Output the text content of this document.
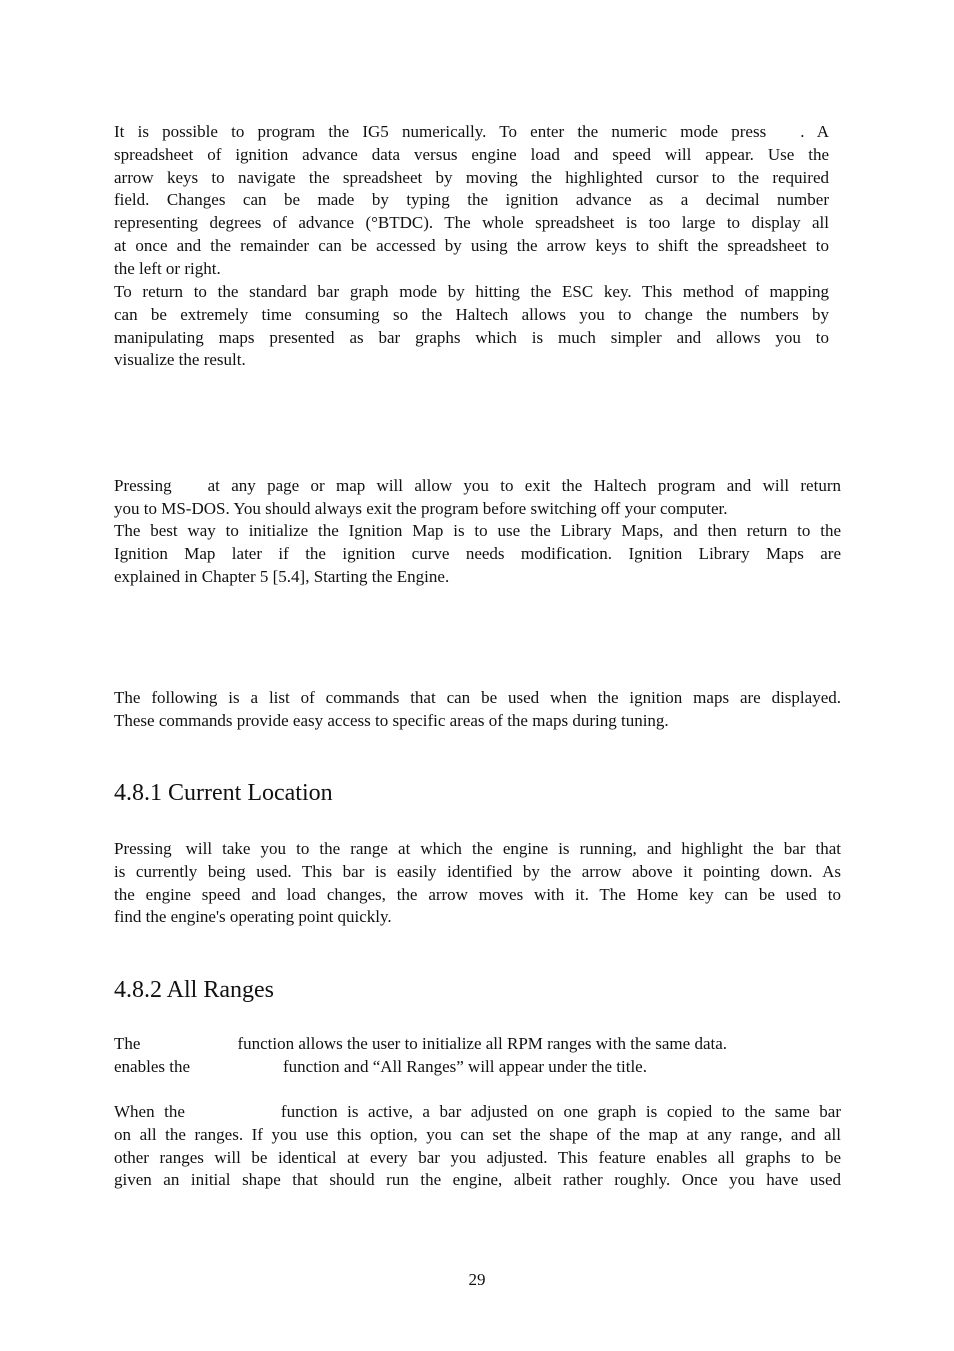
It is possible to program the IG5 numerically. To enter the numeric mode press . A
spreadsheet of ignition advance data versus engine load and speed will appear. Use the
arrow keys to navigate the spreadsheet by moving the highlighted cursor to the required
field. Changes can be made by typing the ignition advance as a decimal number
representing degrees of advance (°BTDC). The whole spreadsheet is too large to display all
at once and the remainder can be accessed by using the arrow keys to shift the spreadsheet to
the left or right.
To return to the standard bar graph mode by hitting the ESC key. This method of mapping
can be extremely time consuming so the Haltech allows you to change the numbers by
manipulating maps presented as bar graphs which is much simpler and allows you to
visualize the result.
Pressing at any page or map will allow you to exit the Haltech program and will return
you to MS-DOS. You should always exit the program before switching off your computer.
The best way to initialize the Ignition Map is to use the Library Maps, and then return to the
Ignition Map later if the ignition curve needs modification. Ignition Library Maps are
explained in Chapter 5 [5.4], Starting the Engine.
The following is a list of commands that can be used when the ignition maps are displayed.
These commands provide easy access to specific areas of the maps during tuning.
4.8.1 Current Location
Pressing will take you to the range at which the engine is running, and highlight the bar that
is currently being used. This bar is easily identified by the arrow above it pointing down. As
the engine speed and load changes, the arrow moves with it. The Home key can be used to
find the engine's operating point quickly.
4.8.2 All Ranges
The	function allows the user to initialize all RPM ranges with the same data.
enables the	function and “All Ranges” will appear under the title.
When the	function is active, a bar adjusted on one graph is copied to the same bar
on all the ranges. If you use this option, you can set the shape of the map at any range, and all
other ranges will be identical at every bar you adjusted. This feature enables all graphs to be
given an initial shape that should run the engine, albeit rather roughly. Once you have used
29
